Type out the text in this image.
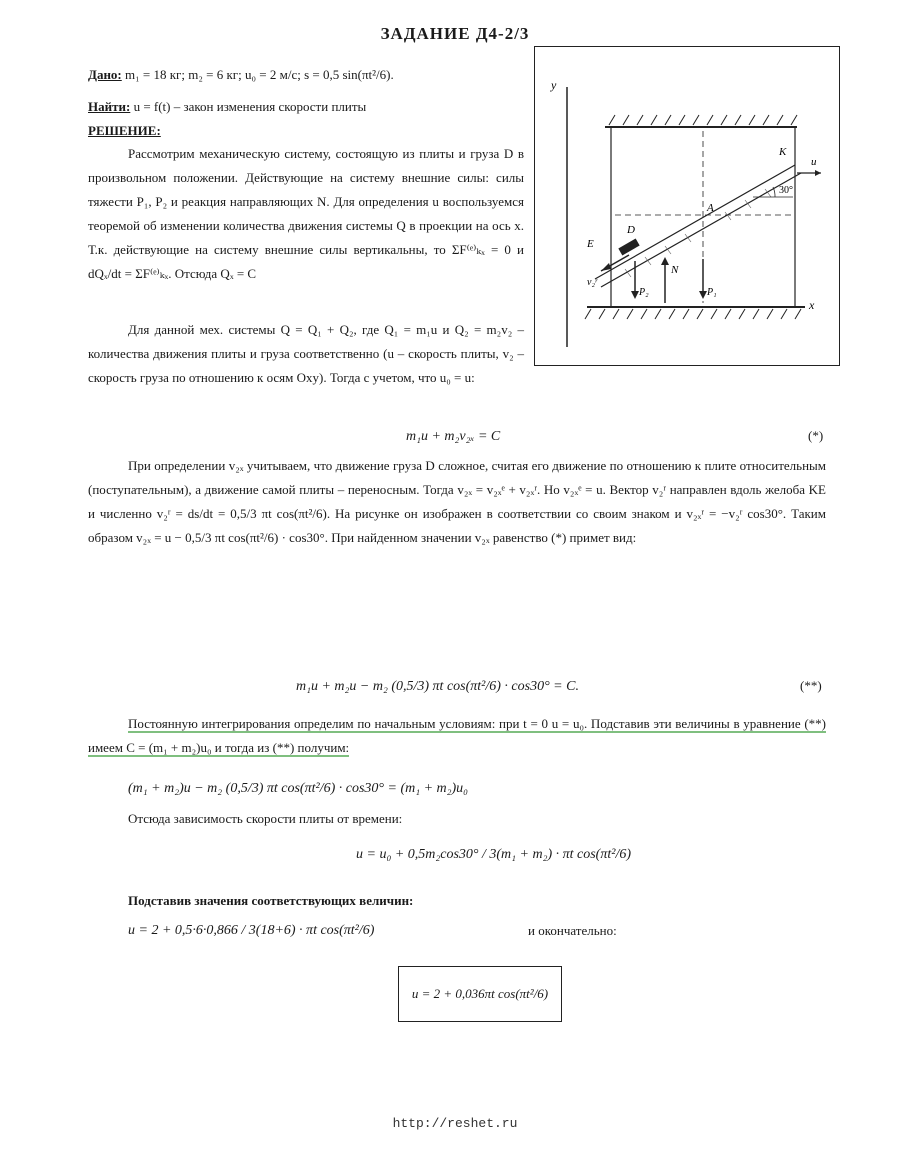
ЗАДАНИЕ Д4-2/3
Дано: m₁ = 18 кг; m₂ = 6 кг; u₀ = 2 м/с; s = 0,5 sin(πt²/6).
Найти: u = f(t) – закон изменения скорости плиты
РЕШЕНИЕ:
Рассмотрим механическую систему, состоящую из плиты и груза D в произвольном положении. Действующие на систему внешние силы: силы тяжести P₁, P₂ и реакция направляющих N. Для определения u воспользуемся теоремой об изменении количества движения системы Q в проекции на ось x. Т.к. действующие на систему внешние силы вертикальны, то ΣF⁽ᵉ⁾ₖₓ = 0 и dQₓ/dt = ΣF⁽ᵉ⁾ₖₓ. Отсюда Qₓ = C
y
x
30°
K
E
A
D
v₂ʳ
u
P₂
N
P₁
Для данной мех. системы Q = Q₁ + Q₂, где Q₁ = m₁u и Q₂ = m₂v₂ – количества движения плиты и груза соответственно (u – скорость плиты, v₂ – скорость груза по отношению к осям Oxy). Тогда с учетом, что u₀ = u:
m₁u + m₂v₂ₓ = C	(*)
При определении v₂ₓ учитываем, что движение груза D сложное, считая его движение по отношению к плите относительным (поступательным), а движение самой плиты – переносным. Тогда v₂ₓ = v₂ₓᵉ + v₂ₓʳ. Но v₂ₓᵉ = u. Вектор v₂ʳ направлен вдоль желоба KE и численно v₂ʳ = ds/dt = 0,5/3 πt cos(πt²/6). На рисунке он изображен в соответствии со своим знаком и v₂ₓʳ = −v₂ʳ cos30°. Таким образом v₂ₓ = u − 0,5/3 πt cos(πt²/6) · cos30°. При найденном значении v₂ₓ равенство (*) примет вид:
m₁u + m₂u − m₂ (0,5/3) πt cos(πt²/6) · cos30° = C.	(**)
Постоянную интегрирования определим по начальным условиям: при t = 0 u = u₀. Подставив эти величины в уравнение (**) имеем C = (m₁ + m₂)u₀ и тогда из (**) получим:
(m₁ + m₂)u − m₂ (0,5/3) πt cos(πt²/6) · cos30° = (m₁ + m₂)u₀
Отсюда зависимость скорости плиты от времени:
u = u₀ + 0,5m₂cos30° / 3(m₁ + m₂) · πt cos(πt²/6)
Подставив значения соответствующих величин:
u = 2 + 0,5·6·0,866 / 3(18+6) · πt cos(πt²/6)	и окончательно:
u = 2 + 0,036πt cos(πt²/6)
http://reshet.ru
